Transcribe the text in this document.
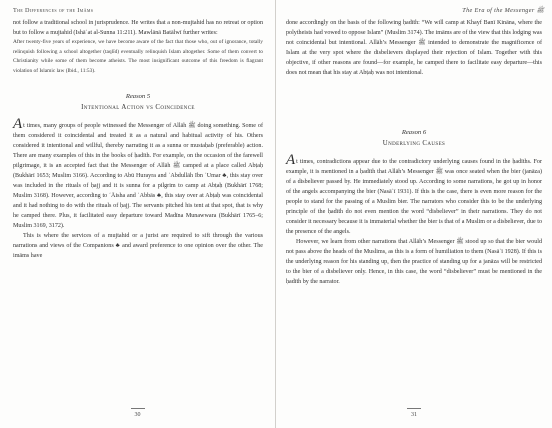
The Differences of the Imāms

not follow a traditional school in jurisprudence. He writes that a non-mujtahid has no retreat or option but to follow a mujtahid (Ishāʿat al-Sunna 11:211). Mawlānā Batālwī further writes:

After twenty-five years of experience, we have become aware of the fact that those who, out of ignorance, totally relinquish following a school altogether (taqlīd) eventually relinquish Islam altogether. Some of them convert to Christianity while some of them become atheists. The most insignificant outcome of this freedom is flagrant violation of Islamic law (Ibid., 11:53).

Reason 5
Intentional Action vs Coincidence

At times, many groups of people witnessed the Messenger of Allāh ﷺ doing something. Some of them considered it coincidental and treated it as a natural and habitual activity of his. Others considered it intentional and willful, thereby narrating it as a sunna or mustaḥab (preferable) action. There are many examples of this in the books of ḥadīth. For example, on the occasion of the farewell pilgrimage, it is an accepted fact that the Messenger of Allāh ﷺ camped at a place called Abṭaḥ (Bukhārī 1653; Muslim 3166). According to Abū Hurayra and ʿAbdullāh Ibn ʿUmar ♣, this stay over was included in the rituals of ḥajj and it is sunna for a pilgrim to camp at Abṭaḥ (Bukhārī 1768; Muslim 3168). However, according to ʿĀisha and ʿAbbās ♣, this stay over at Abṭaḥ was coincidental and it had nothing to do with the rituals of ḥajj. The servants pitched his tent at that spot, that is why he camped there. Plus, it facilitated easy departure toward Madīna Munawwara (Bukhārī 1765–6; Muslim 3169, 3172).

This is where the services of a mujtahid or a jurist are required to sift through the various narrations and views of the Companions ♣ and award preference to one opinion over the other. The imāms have

30
The Era of the Messenger ﷺ

done accordingly on the basis of the following ḥadīth: “We will camp at Khayf Banī Kināna, where the polytheists had vowed to oppose Islam” (Muslim 3174). The imāms are of the view that this lodging was not coincidental but intentional. Allāh’s Messenger ﷺ intended to demonstrate the magnificence of Islam at the very spot where the disbelievers displayed their rejection of Islam. Together with this objective, if other reasons are found—for example, he camped there to facilitate easy departure—this does not mean that his stay at Abṭaḥ was not intentional.

Reason 6
Underlying Causes

At times, contradictions appear due to the contradictory underlying causes found in the ḥadīths. For example, it is mentioned in a ḥadīth that Allāh’s Messenger ﷺ was once seated when the bier (janāza) of a disbeliever passed by. He immediately stood up. According to some narrations, he got up in honor of the angels accompanying the bier (Nasāʾī 1931). If this is the case, there is even more reason for the people to stand for the passing of a Muslim bier. The narrators who consider this to be the underlying principle of the ḥadīth do not even mention the word “disbeliever” in their narrations. They do not consider it necessary because it is immaterial whether the bier is that of a Muslim or a disbeliever, due to the presence of the angels.

However, we learn from other narrations that Allāh’s Messenger ﷺ stood up so that the bier would not pass above the heads of the Muslims, as this is a form of humiliation to them (Nasāʾī 1928). If this is the underlying reason for his standing up, then the practice of standing up for a janāza will be restricted to the bier of a disbeliever only. Hence, in this case, the word “disbeliever” must be mentioned in the ḥadīth by the narrator.

31
